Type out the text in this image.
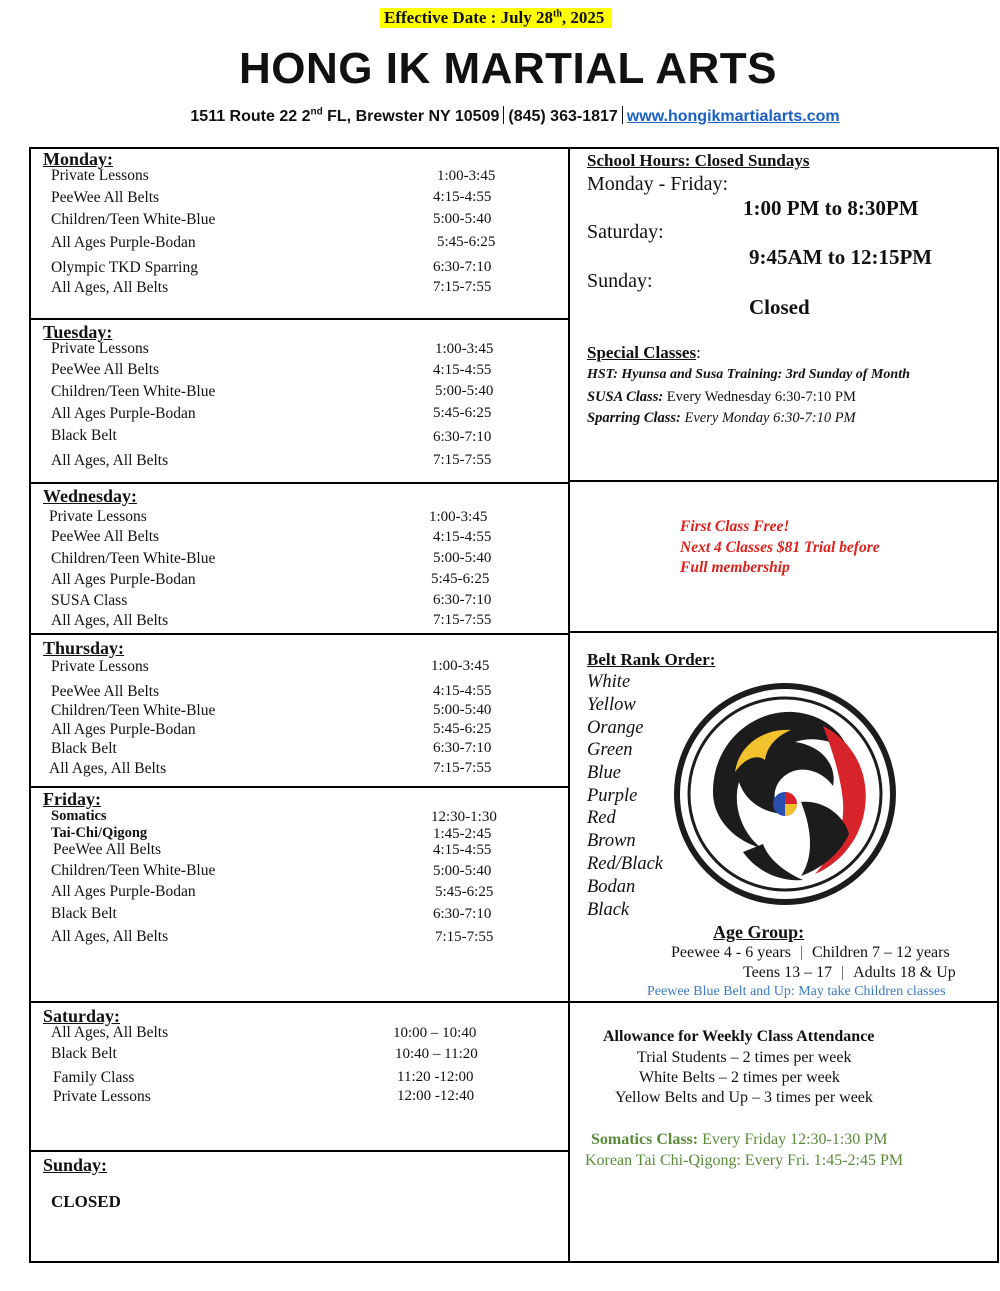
Effective Date : July 28th, 2025
HONG IK MARTIAL ARTS
1511 Route 22 2nd FL, Brewster NY 10509 (845) 363-1817 www.hongikmartialarts.com
Monday:
Private Lessons	1:00-3:45
PeeWee All Belts	4:15-4:55
Children/Teen White-Blue	5:00-5:40
All Ages Purple-Bodan	5:45-6:25
Olympic TKD Sparring	6:30-7:10
All Ages, All Belts	7:15-7:55
Tuesday:
Private Lessons	1:00-3:45
PeeWee All Belts	4:15-4:55
Children/Teen White-Blue	5:00-5:40
All Ages Purple-Bodan	5:45-6:25
Black Belt	6:30-7:10
All Ages, All Belts	7:15-7:55
Wednesday:
Private Lessons	1:00-3:45
PeeWee All Belts	4:15-4:55
Children/Teen White-Blue	5:00-5:40
All Ages Purple-Bodan	5:45-6:25
SUSA Class	6:30-7:10
All Ages, All Belts	7:15-7:55
Thursday:
Private Lessons	1:00-3:45
PeeWee All Belts	4:15-4:55
Children/Teen White-Blue	5:00-5:40
All Ages Purple-Bodan	5:45-6:25
Black Belt	6:30-7:10
All Ages, All Belts	7:15-7:55
Friday:
Somatics	12:30-1:30
Tai-Chi/Qigong	1:45-2:45
PeeWee All Belts	4:15-4:55
Children/Teen White-Blue	5:00-5:40
All Ages Purple-Bodan	5:45-6:25
Black Belt	6:30-7:10
All Ages, All Belts	7:15-7:55
Saturday:
All Ages, All Belts	10:00 – 10:40
Black Belt	10:40 – 11:20
Family Class	11:20 -12:00
Private Lessons	12:00 -12:40
Sunday:
CLOSED
School Hours: Closed Sundays
Monday - Friday:
1:00 PM to 8:30PM
Saturday:
9:45AM to 12:15PM
Sunday:
Closed
Special Classes:
HST: Hyunsa and Susa Training: 3rd Sunday of Month
SUSA Class: Every Wednesday 6:30-7:10 PM
Sparring Class: Every Monday 6:30-7:10 PM
First Class Free!
Next 4 Classes $81 Trial before
Full membership
Belt Rank Order:
White
Yellow
Orange
Green
Blue
Purple
Red
Brown
Red/Black
Bodan
Black
Age Group:
Peewee 4 - 6 years Children 7 – 12 years
Teens 13 – 17 Adults 18 & Up
Peewee Blue Belt and Up: May take Children classes
Allowance for Weekly Class Attendance
Trial Students – 2 times per week
White Belts – 2 times per week
Yellow Belts and Up – 3 times per week
Somatics Class: Every Friday 12:30-1:30 PM
Korean Tai Chi-Qigong: Every Fri. 1:45-2:45 PM
